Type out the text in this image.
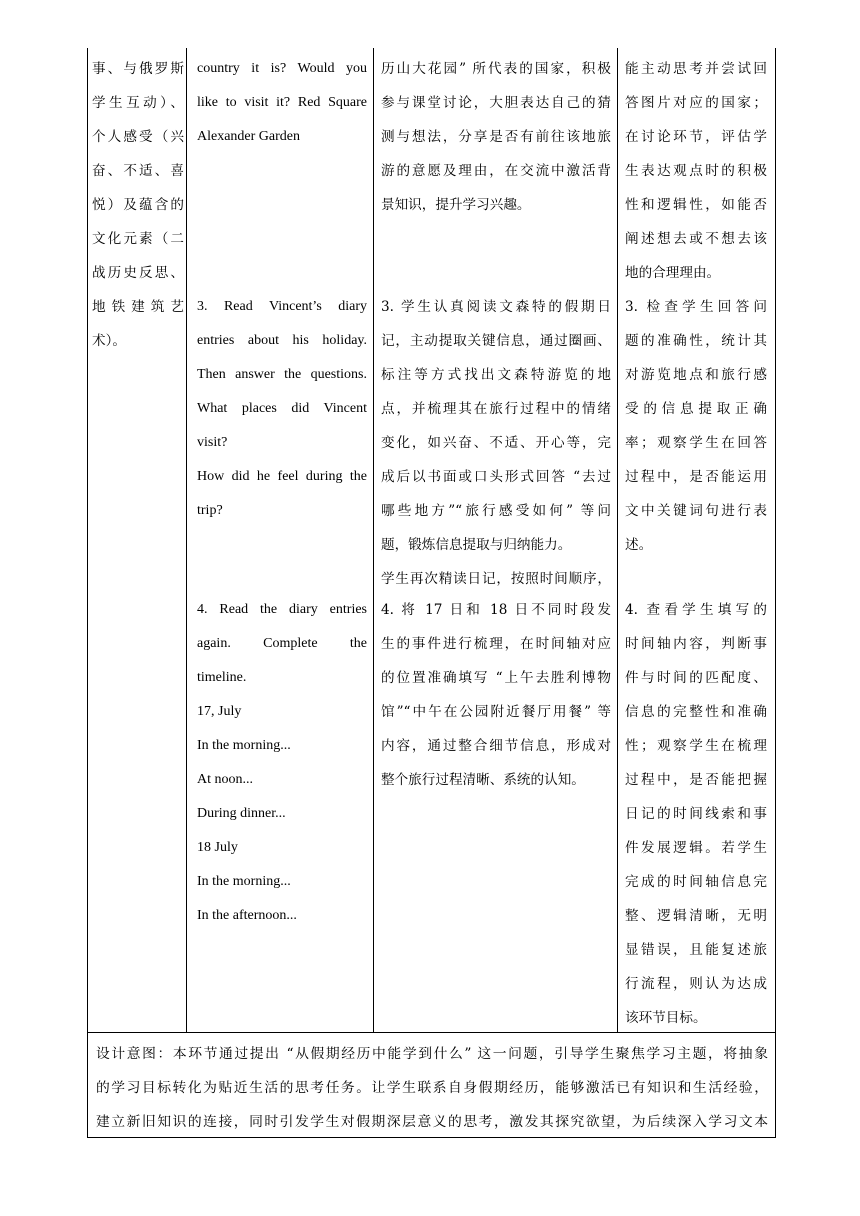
事、与俄罗斯
学生互动）、
个人感受（兴
奋、不适、喜
悦）及蕴含的
文化元素（二
战历史反思、
地铁建筑艺
术）。
country it is? Would you
like to visit it? Red Square
Alexander Garden
3. Read Vincent’s diary
entries about his holiday.
Then answer the questions.
What places did Vincent
visit?
How did he feel during the
trip?
4. Read the diary entries
again. Complete the
timeline.
17, July
In the morning...
At noon...
During dinner...
18 July
In the morning...
In the afternoon...
历山大花园” 所代表的国家，积极
参与课堂讨论，大胆表达自己的猜
测与想法，分享是否有前往该地旅
游的意愿及理由，在交流中激活背
景知识，提升学习兴趣。
3. 学生认真阅读文森特的假期日
记，主动提取关键信息，通过圈画、
标注等方式找出文森特游览的地
点，并梳理其在旅行过程中的情绪
变化，如兴奋、不适、开心等，完
成后以书面或口头形式回答 “去过
哪些地方”“旅行感受如何” 等问
题，锻炼信息提取与归纳能力。
学生再次精读日记，按照时间顺序，
4. 将 17 日和 18 日不同时段发
生的事件进行梳理，在时间轴对应
的位置准确填写 “上午去胜利博物
馆”“中午在公园附近餐厅用餐” 等
内容，通过整合细节信息，形成对
整个旅行过程清晰、系统的认知。
能主动思考并尝试回
答图片对应的国家；
在讨论环节，评估学
生表达观点时的积极
性和逻辑性，如能否
阐述想去或不想去该
地的合理理由。
3. 检查学生回答问
题的准确性，统计其
对游览地点和旅行感
受的信息提取正确
率；观察学生在回答
过程中，是否能运用
文中关键词句进行表
述。
4. 查看学生填写的
时间轴内容，判断事
件与时间的匹配度、
信息的完整性和准确
性；观察学生在梳理
过程中，是否能把握
日记的时间线索和事
件发展逻辑。若学生
完成的时间轴信息完
整、逻辑清晰，无明
显错误，且能复述旅
行流程，则认为达成
该环节目标。
设计意图：本环节通过提出 “从假期经历中能学到什么” 这一问题，引导学生聚焦学习主题，将抽象
的学习目标转化为贴近生活的思考任务。让学生联系自身假期经历，能够激活已有知识和生活经验，
建立新旧知识的连接，同时引发学生对假期深层意义的思考，激发其探究欲望，为后续深入学习文本
